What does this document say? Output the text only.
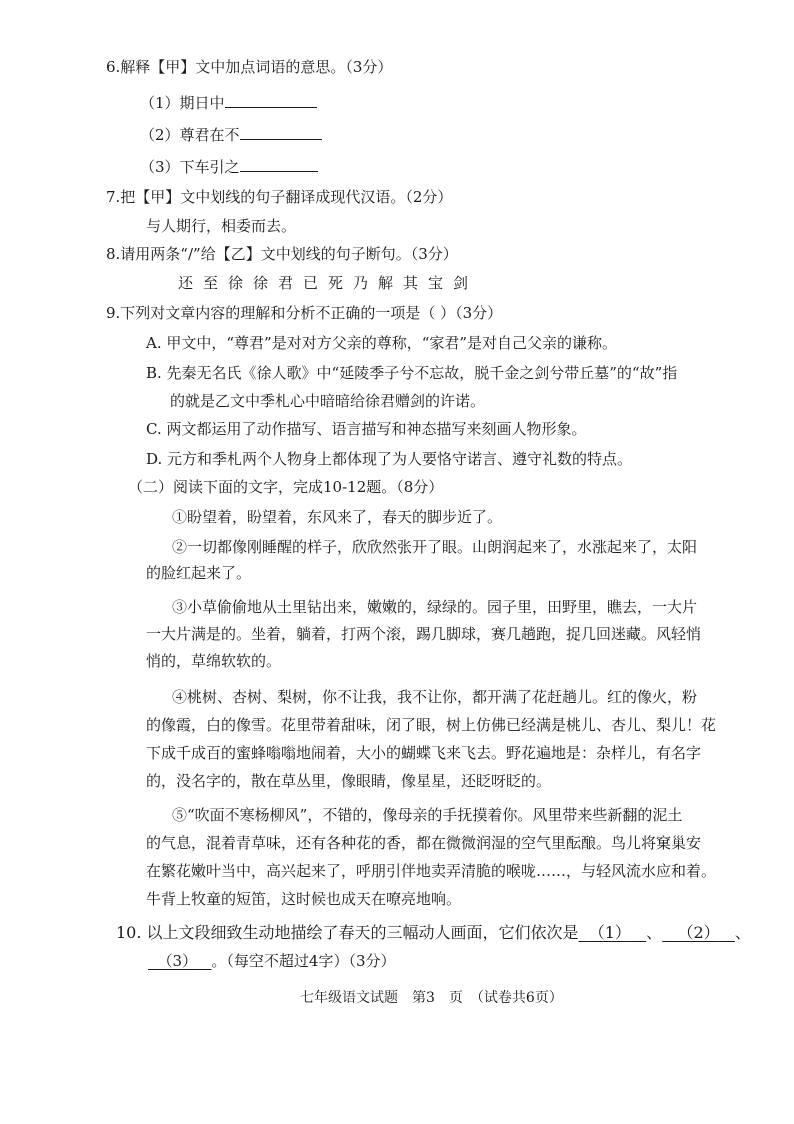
6.解释【甲】文中加点词语的意思。（3分）
（1）期日中
（2）尊君在不
（3）下车引之
7.把【甲】文中划线的句子翻译成现代汉语。（2分）
与人期行，相委而去。
8.请用两条“/”给【乙】文中划线的句子断句。（3分）
还至徐徐君已死乃解其宝剑
9.下列对文章内容的理解和分析不正确的一项是（ ）（3分）
A. 甲文中，“尊君”是对对方父亲的尊称，“家君”是对自己父亲的谦称。
B. 先秦无名氏《徐人歌》中“延陵季子兮不忘故，脱千金之剑兮带丘墓”的“故”指
的就是乙文中季札心中暗暗给徐君赠剑的许诺。
C. 两文都运用了动作描写、语言描写和神态描写来刻画人物形象。
D. 元方和季札两个人物身上都体现了为人要恪守诺言、遵守礼数的特点。
（二）阅读下面的文字，完成10-12题。（8分）
①盼望着，盼望着，东风来了，春天的脚步近了。
②一切都像刚睡醒的样子，欣欣然张开了眼。山朗润起来了，水涨起来了，太阳
的脸红起来了。
③小草偷偷地从土里钻出来，嫩嫩的，绿绿的。园子里，田野里，瞧去，一大片
一大片满是的。坐着，躺着，打两个滚，踢几脚球，赛几趟跑，捉几回迷藏。风轻悄
悄的，草绵软软的。
④桃树、杏树、梨树，你不让我，我不让你，都开满了花赶趟儿。红的像火，粉
的像霞，白的像雪。花里带着甜味，闭了眼，树上仿佛已经满是桃儿、杏儿、梨儿！花
下成千成百的蜜蜂嗡嗡地闹着，大小的蝴蝶飞来飞去。野花遍地是：杂样儿，有名字
的，没名字的，散在草丛里，像眼睛，像星星，还眨呀眨的。
⑤“吹面不寒杨柳风”，不错的，像母亲的手抚摸着你。风里带来些新翻的泥土
的气息，混着青草味，还有各种花的香，都在微微润湿的空气里酝酿。鸟儿将窠巢安
在繁花嫩叶当中，高兴起来了，呼朋引伴地卖弄清脆的喉咙……，与轻风流水应和着。
牛背上牧童的短笛，这时候也成天在嘹亮地响。
10. 以上文段细致生动地描绘了春天的三幅动人画面，它们依次是 （1） 、 （2） 、
（3） 。（每空不超过4字）（3分）
七年级语文试题　第3　页　（试卷共6页）
